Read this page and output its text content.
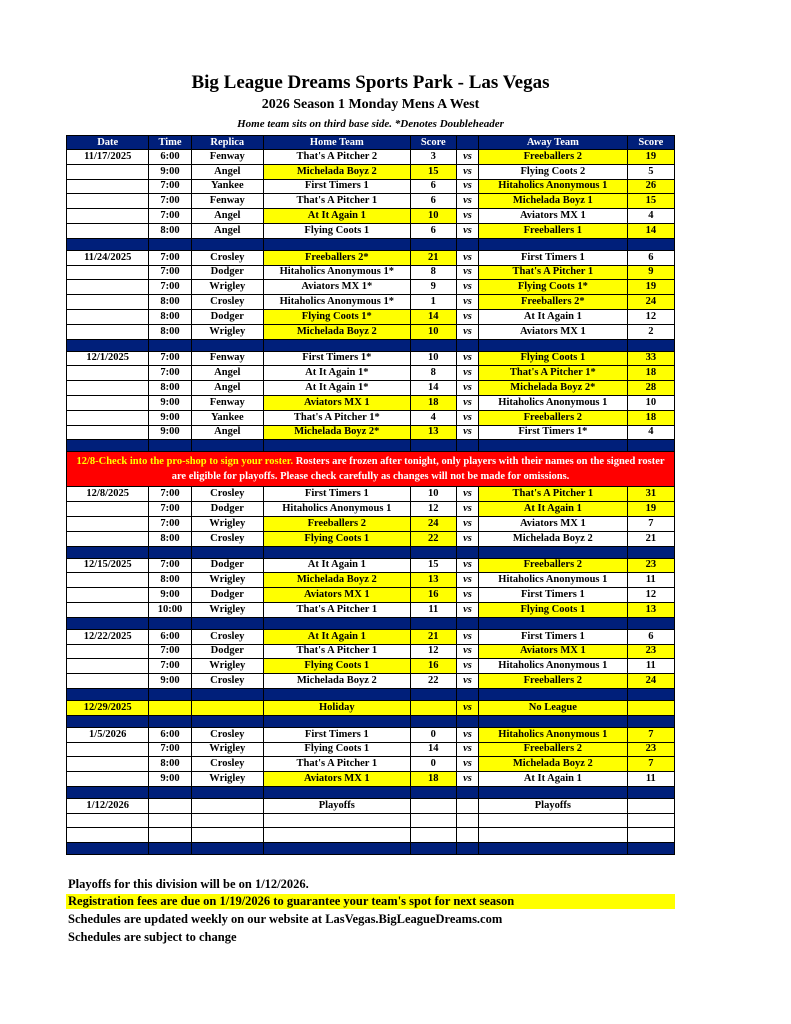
Big League Dreams Sports Park - Las Vegas
2026 Season 1 Monday Mens A West
Home team sits on third base side. *Denotes Doubleheader
Date	Time	Replica	Home Team	Score		Away Team	Score
11/17/2025	6:00	Fenway	That's A Pitcher 2	3	vs	Freeballers 2	19
	9:00	Angel	Michelada Boyz 2	15	vs	Flying Coots 2	5
	7:00	Yankee	First Timers 1	6	vs	Hitaholics Anonymous 1	26
	7:00	Fenway	That's A Pitcher 1	6	vs	Michelada Boyz 1	15
	7:00	Angel	At It Again 1	10	vs	Aviators MX 1	4
	8:00	Angel	Flying Coots 1	6	vs	Freeballers 1	14

11/24/2025	7:00	Crosley	Freeballers 2*	21	vs	First Timers 1	6
	7:00	Dodger	Hitaholics Anonymous 1*	8	vs	That's A Pitcher 1	9
	7:00	Wrigley	Aviators MX 1*	9	vs	Flying Coots 1*	19
	8:00	Crosley	Hitaholics Anonymous 1*	1	vs	Freeballers 2*	24
	8:00	Dodger	Flying Coots 1*	14	vs	At It Again 1	12
	8:00	Wrigley	Michelada Boyz 2	10	vs	Aviators MX 1	2

12/1/2025	7:00	Fenway	First Timers 1*	10	vs	Flying Coots 1	33
	7:00	Angel	At It Again 1*	8	vs	That's A Pitcher 1*	18
	8:00	Angel	At It Again 1*	14	vs	Michelada Boyz 2*	28
	9:00	Fenway	Aviators MX 1	18	vs	Hitaholics Anonymous 1	10
	9:00	Yankee	That's A Pitcher 1*	4	vs	Freeballers 2	18
	9:00	Angel	Michelada Boyz 2*	13	vs	First Timers 1*	4

12/8-Check into the pro-shop to sign your roster. Rosters are frozen after tonight, only players with their names on the signed roster are eligible for playoffs. Please check carefully as changes will not be made for omissions.							
12/8/2025	7:00	Crosley	First Timers 1	10	vs	That's A Pitcher 1	31
	7:00	Dodger	Hitaholics Anonymous 1	12	vs	At It Again 1	19
	7:00	Wrigley	Freeballers 2	24	vs	Aviators MX 1	7
	8:00	Crosley	Flying Coots 1	22	vs	Michelada Boyz 2	21

12/15/2025	7:00	Dodger	At It Again 1	15	vs	Freeballers 2	23
	8:00	Wrigley	Michelada Boyz 2	13	vs	Hitaholics Anonymous 1	11
	9:00	Dodger	Aviators MX 1	16	vs	First Timers 1	12
	10:00	Wrigley	That's A Pitcher 1	11	vs	Flying Coots 1	13

12/22/2025	6:00	Crosley	At It Again 1	21	vs	First Timers 1	6
	7:00	Dodger	That's A Pitcher 1	12	vs	Aviators MX 1	23
	7:00	Wrigley	Flying Coots 1	16	vs	Hitaholics Anonymous 1	11
	9:00	Crosley	Michelada Boyz 2	22	vs	Freeballers 2	24

12/29/2025			Holiday		vs	No League	

1/5/2026	6:00	Crosley	First Timers 1	0	vs	Hitaholics Anonymous 1	7
	7:00	Wrigley	Flying Coots 1	14	vs	Freeballers 2	23
	8:00	Crosley	That's A Pitcher 1	0	vs	Michelada Boyz 2	7
	9:00	Wrigley	Aviators MX 1	18	vs	At It Again 1	11

1/12/2026			Playoffs			Playoffs	

Playoffs for this division will be on 1/12/2026.
Registration fees are due on 1/19/2026 to guarantee your team's spot for next season
Schedules are updated weekly on our website at LasVegas.BigLeagueDreams.com
Schedules are subject to change
